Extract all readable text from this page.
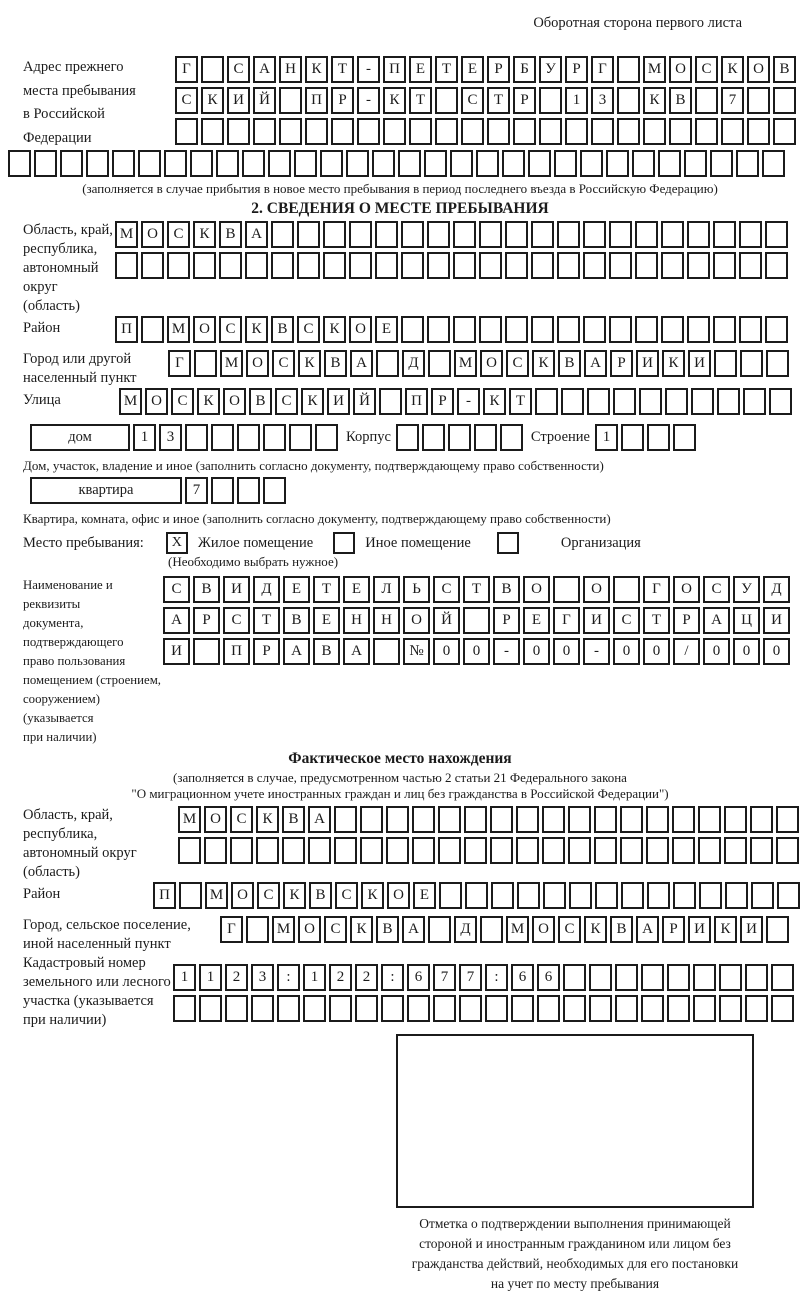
Оборотная сторона первого листа
Адрес прежнего
места пребывания
в Российской
Федерации
Г	С	А	Н	К	Т	-	П	Е	Т	Е	Р	Б	У	Р	Г	М О	С	К	О	В
С	К	И	Й	П	Р	-	К	Т	С	Т	Р	1	3	К	В	7
(заполняется в случае прибытия в новое место пребывания в период последнего въезда в Российскую Федерацию)
2. СВЕДЕНИЯ О МЕСТЕ ПРЕБЫВАНИЯ
Область, край,
республика,
автономный
округ (область)
М О	С	К	В	А
Район	П	М О	С	К	В	С	К	О	Е
Город или другой
населенный пункт
Г	М О	С	К	В	А	Д	М О	С	К	В	А	Р	И	К	И
Улица	М О	С	К	О	В	С	К	И	Й	П	Р	-	К	Т
дом	1	3	Корпус	Строение 1
Дом, участок, владение и иное (заполнить согласно документу, подтверждающему право собственности)
квартира	7
Квартира, комната, офис и иное (заполнить согласно документу, подтверждающему право собственности)
Место пребывания:	X	Жилое помещение	Иное помещение	Организация
(Необходимо выбрать нужное)
Наименование и реквизиты
документа, подтверждающего
право пользования
помещением (строением,
сооружением) (указывается
при наличии)
С	В	И	Д	Е	Т	Е	Л	Ь	С	Т	В	О	О	Г	О	С	У	Д
А	Р	С	Т	В	Е	Н	Н	О	Й	Р	Е	Г	И	С	Т	Р	А	Ц	И
И	П	Р	А	В	А	№	0	0	-	0	0	-	0	0	/	0	0	0
Фактическое место нахождения
(заполняется в случае, предусмотренном частью 2 статьи 21 Федерального закона
"О миграционном учете иностранных граждан и лиц без гражданства в Российской Федерации")
Область, край,
республика,
автономный округ
(область)
М О	С	К	В	А
Район	П	М О	С	К	В	С	К	О	Е
Город, сельское поселение,
иной населенный пункт
Г	М О	С	К	В	А	Д	М О	С	К	В	А	Р	И	К	И
Кадастровый номер
земельного или лесного
участка (указывается
при наличии)
1	1	2	3	:	1	2	2	:	6	7	7	:	6	6
Отметка о подтверждении выполнения принимающей
стороной и иностранным гражданином или лицом без
гражданства действий, необходимых для его постановки
на учет по месту пребывания
